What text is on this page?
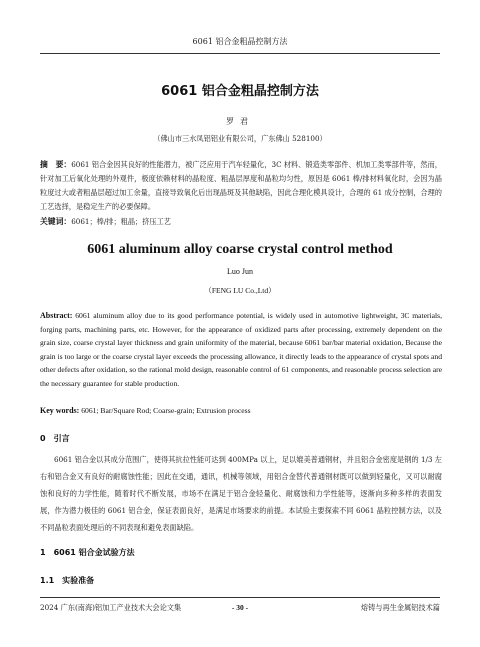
6061 铝合金粗晶控制方法
6061 铝合金粗晶控制方法
罗君
（佛山市三水凤铝铝业有限公司，广东佛山 528100）
摘　要：6061 铝合金因其良好的性能潜力，被广泛应用于汽车轻量化，3C 材料、锻造类零部件、机加工类零部件等，然而，针对加工后氧化处理的外观件，极度依赖材料的晶粒度、粗晶层厚度和晶粒均匀性，原因是 6061 棒/排材料氧化时，会因为晶粒度过大或者粗晶层超过加工余量，直接导致氧化后出现晶斑及其他缺陷，因此合理化模具设计，合理的 61 成分控制，合理的工艺选择，是稳定生产的必要保障。
关键词：6061；棒/排；粗晶；挤压工艺
6061 aluminum alloy coarse crystal control method
Luo Jun
（FENG LU Co.,Ltd）
Abstract: 6061 aluminum alloy due to its good performance potential, is widely used in automotive lightweight, 3C materials, forging parts, machining parts, etc. However, for the appearance of oxidized parts after processing, extremely dependent on the grain size, coarse crystal layer thickness and grain uniformity of the material, because 6061 bar/bar material oxidation, Because the grain is too large or the coarse crystal layer exceeds the processing allowance, it directly leads to the appearance of crystal spots and other defects after oxidation, so the rational mold design, reasonable control of 61 components, and reasonable process selection are the necessary guarantee for stable production.
Key words: 6061; Bar/Square Rod; Coarse-grain; Extrusion process
0　引言
6061 铝合金以其成分范围广，使得其抗拉性能可达到 400MPa 以上，足以媲美普通钢材，并且铝合金密度是钢的 1/3 左右和铝合金又有良好的耐腐蚀性能；因此在交通，通讯，机械等领域，用铝合金替代普通钢材既可以做到轻量化，又可以耐腐蚀和良好的力学性能，随着时代不断发展，市场不在满足于铝合金轻量化、耐腐蚀和力学性能等，逐渐向多种多样的表面发展，作为潜力极佳的 6061 铝合金，保证表面良好，是满足市场要求的前提。本试验主要探索不同 6061 晶粒控制方法，以及不同晶粒表面处理后的不同表现和避免表面缺陷。
1　6061 铝合金试验方法
1.1　实验准备
2024 广东(南海)铝加工产业技术大会论文集	- 30 -	熔铸与再生金属铝技术篇
